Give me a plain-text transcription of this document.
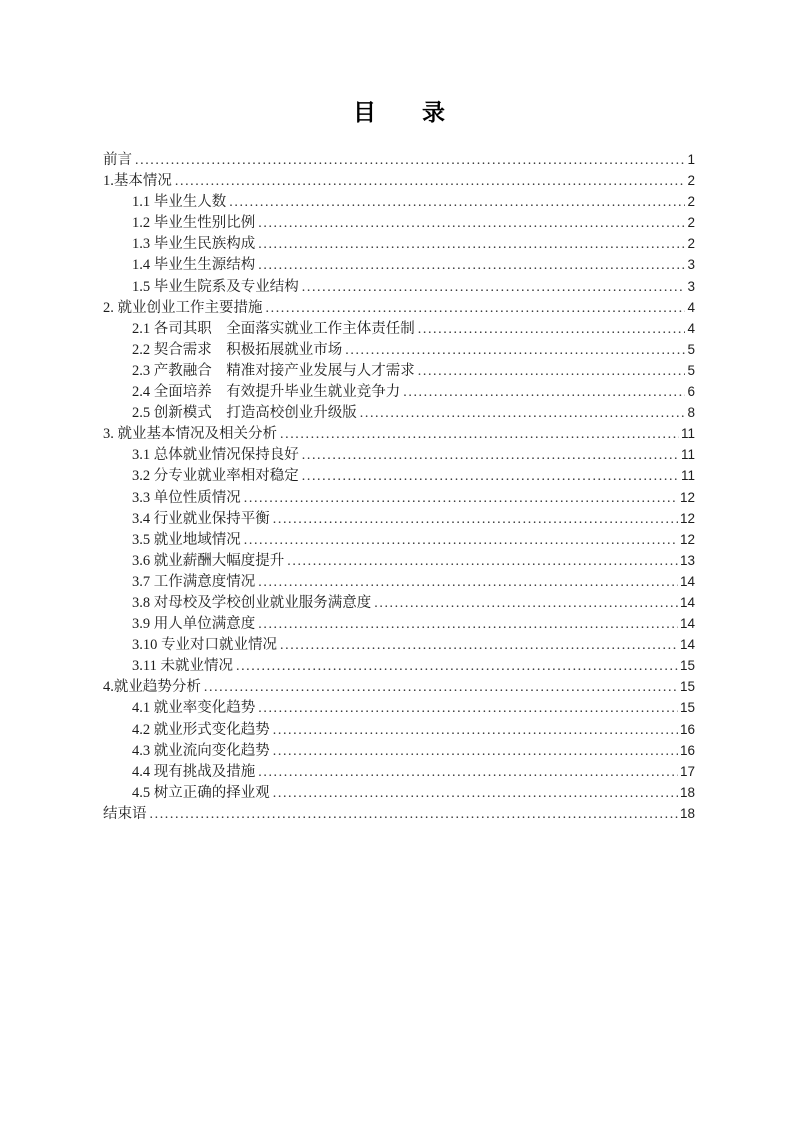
目　　录
前言 .....	1
1.基本情况 .....	2
1.1 毕业生人数 .....	2
1.2 毕业生性别比例 .....	2
1.3 毕业生民族构成 .....	2
1.4 毕业生生源结构 .....	3
1.5 毕业生院系及专业结构 .....	3
2. 就业创业工作主要措施 .....	4
2.1 各司其职　全面落实就业工作主体责任制 .....	4
2.2 契合需求　积极拓展就业市场 .....	5
2.3 产教融合　精准对接产业发展与人才需求 .....	5
2.4 全面培养　有效提升毕业生就业竞争力 .....	6
2.5 创新模式　打造高校创业升级版 .....	8
3. 就业基本情况及相关分析 .....	11
3.1 总体就业情况保持良好 .....	11
3.2 分专业就业率相对稳定 .....	11
3.3 单位性质情况 .....	12
3.4 行业就业保持平衡 .....	12
3.5 就业地域情况 .....	12
3.6 就业薪酬大幅度提升 .....	13
3.7 工作满意度情况 .....	14
3.8 对母校及学校创业就业服务满意度 .....	14
3.9 用人单位满意度 .....	14
3.10 专业对口就业情况 .....	14
3.11 未就业情况 .....	15
4.就业趋势分析 .....	15
4.1 就业率变化趋势 .....	15
4.2 就业形式变化趋势 .....	16
4.3 就业流向变化趋势 .....	16
4.4 现有挑战及措施 .....	17
4.5 树立正确的择业观 .....	18
结束语 .....	18
